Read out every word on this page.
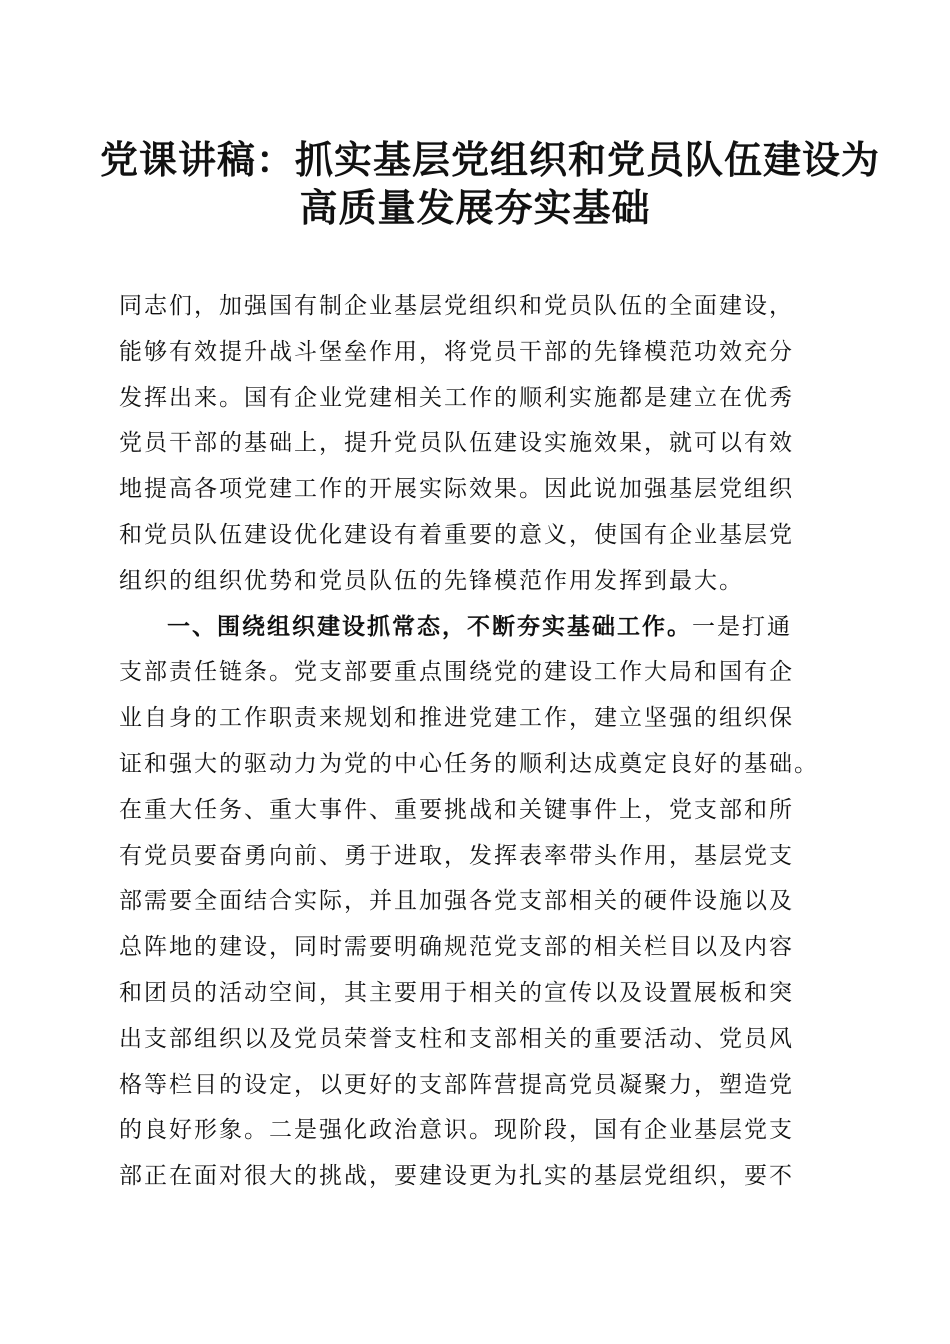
党课讲稿：抓实基层党组织和党员队伍建设为
高质量发展夯实基础
同志们，加强国有制企业基层党组织和党员队伍的全面建设，
能够有效提升战斗堡垒作用，将党员干部的先锋模范功效充分
发挥出来。国有企业党建相关工作的顺利实施都是建立在优秀
党员干部的基础上，提升党员队伍建设实施效果，就可以有效
地提高各项党建工作的开展实际效果。因此说加强基层党组织
和党员队伍建设优化建设有着重要的意义，使国有企业基层党
组织的组织优势和党员队伍的先锋模范作用发挥到最大。
一、围绕组织建设抓常态，不断夯实基础工作。一是打通
支部责任链条。党支部要重点围绕党的建设工作大局和国有企
业自身的工作职责来规划和推进党建工作，建立坚强的组织保
证和强大的驱动力为党的中心任务的顺利达成奠定良好的基础。
在重大任务、重大事件、重要挑战和关键事件上，党支部和所
有党员要奋勇向前、勇于进取，发挥表率带头作用，基层党支
部需要全面结合实际，并且加强各党支部相关的硬件设施以及
总阵地的建设，同时需要明确规范党支部的相关栏目以及内容
和团员的活动空间，其主要用于相关的宣传以及设置展板和突
出支部组织以及党员荣誉支柱和支部相关的重要活动、党员风
格等栏目的设定，以更好的支部阵营提高党员凝聚力，塑造党
的良好形象。二是强化政治意识。现阶段，国有企业基层党支
部正在面对很大的挑战，要建设更为扎实的基层党组织，要不
